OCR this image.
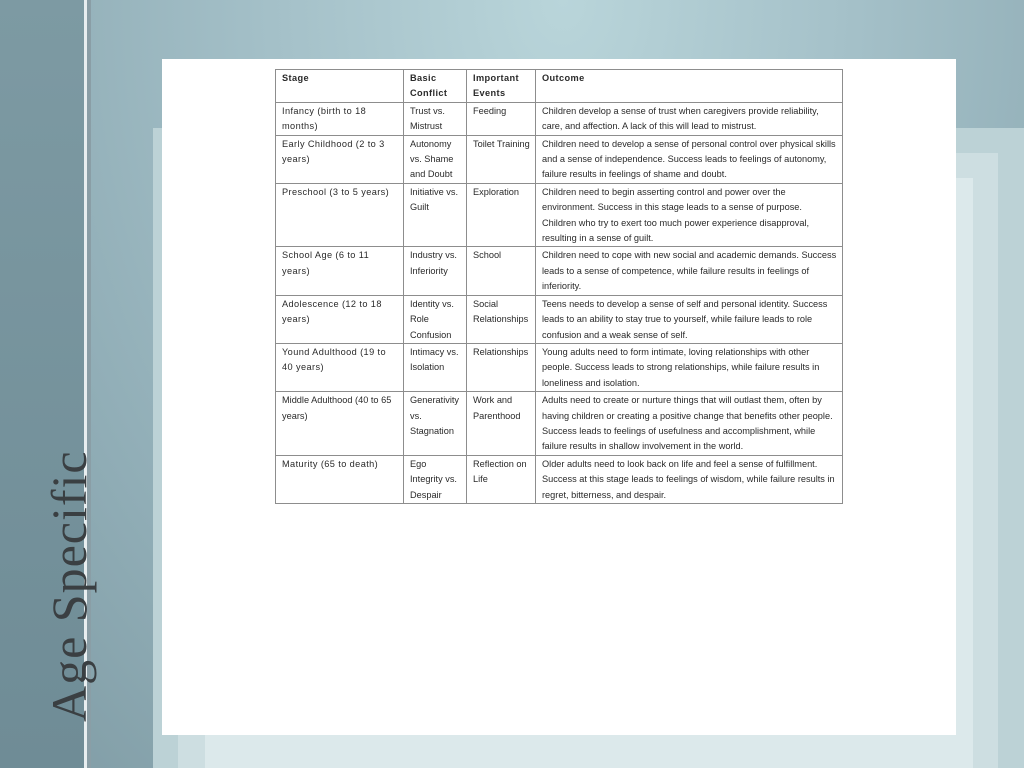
Age Specific
Stage	Basic Conflict	Important Events	Outcome
Infancy (birth to 18 months)	Trust vs. Mistrust	Feeding	Children develop a sense of trust when caregivers provide reliability, care, and affection. A lack of this will lead to mistrust.
Early Childhood (2 to 3 years)	Autonomy vs. Shame and Doubt	Toilet Training	Children need to develop a sense of personal control over physical skills and a sense of independence. Success leads to feelings of autonomy, failure results in feelings of shame and doubt.
Preschool (3 to 5 years)	Initiative vs. Guilt	Exploration	Children need to begin asserting control and power over the environment. Success in this stage leads to a sense of purpose. Children who try to exert too much power experience disapproval, resulting in a sense of guilt.
School Age (6 to 11 years)	Industry vs. Inferiority	School	Children need to cope with new social and academic demands. Success leads to a sense of competence, while failure results in feelings of inferiority.
Adolescence (12 to 18 years)	Identity vs. Role Confusion	Social Relationships	Teens needs to develop a sense of self and personal identity. Success leads to an ability to stay true to yourself, while failure leads to role confusion and a weak sense of self.
Yound Adulthood (19 to 40 years)	Intimacy vs. Isolation	Relationships	Young adults need to form intimate, loving relationships with other people. Success leads to strong relationships, while failure results in loneliness and isolation.
Middle Adulthood (40 to 65 years)	Generativity vs. Stagnation	Work and Parenthood	Adults need to create or nurture things that will outlast them, often by having children or creating a positive change that benefits other people. Success leads to feelings of usefulness and accomplishment, while failure results in shallow involvement in the world.
Maturity (65 to death)	Ego Integrity vs. Despair	Reflection on Life	Older adults need to look back on life and feel a sense of fulfillment. Success at this stage leads to feelings of wisdom, while failure results in regret, bitterness, and despair.
